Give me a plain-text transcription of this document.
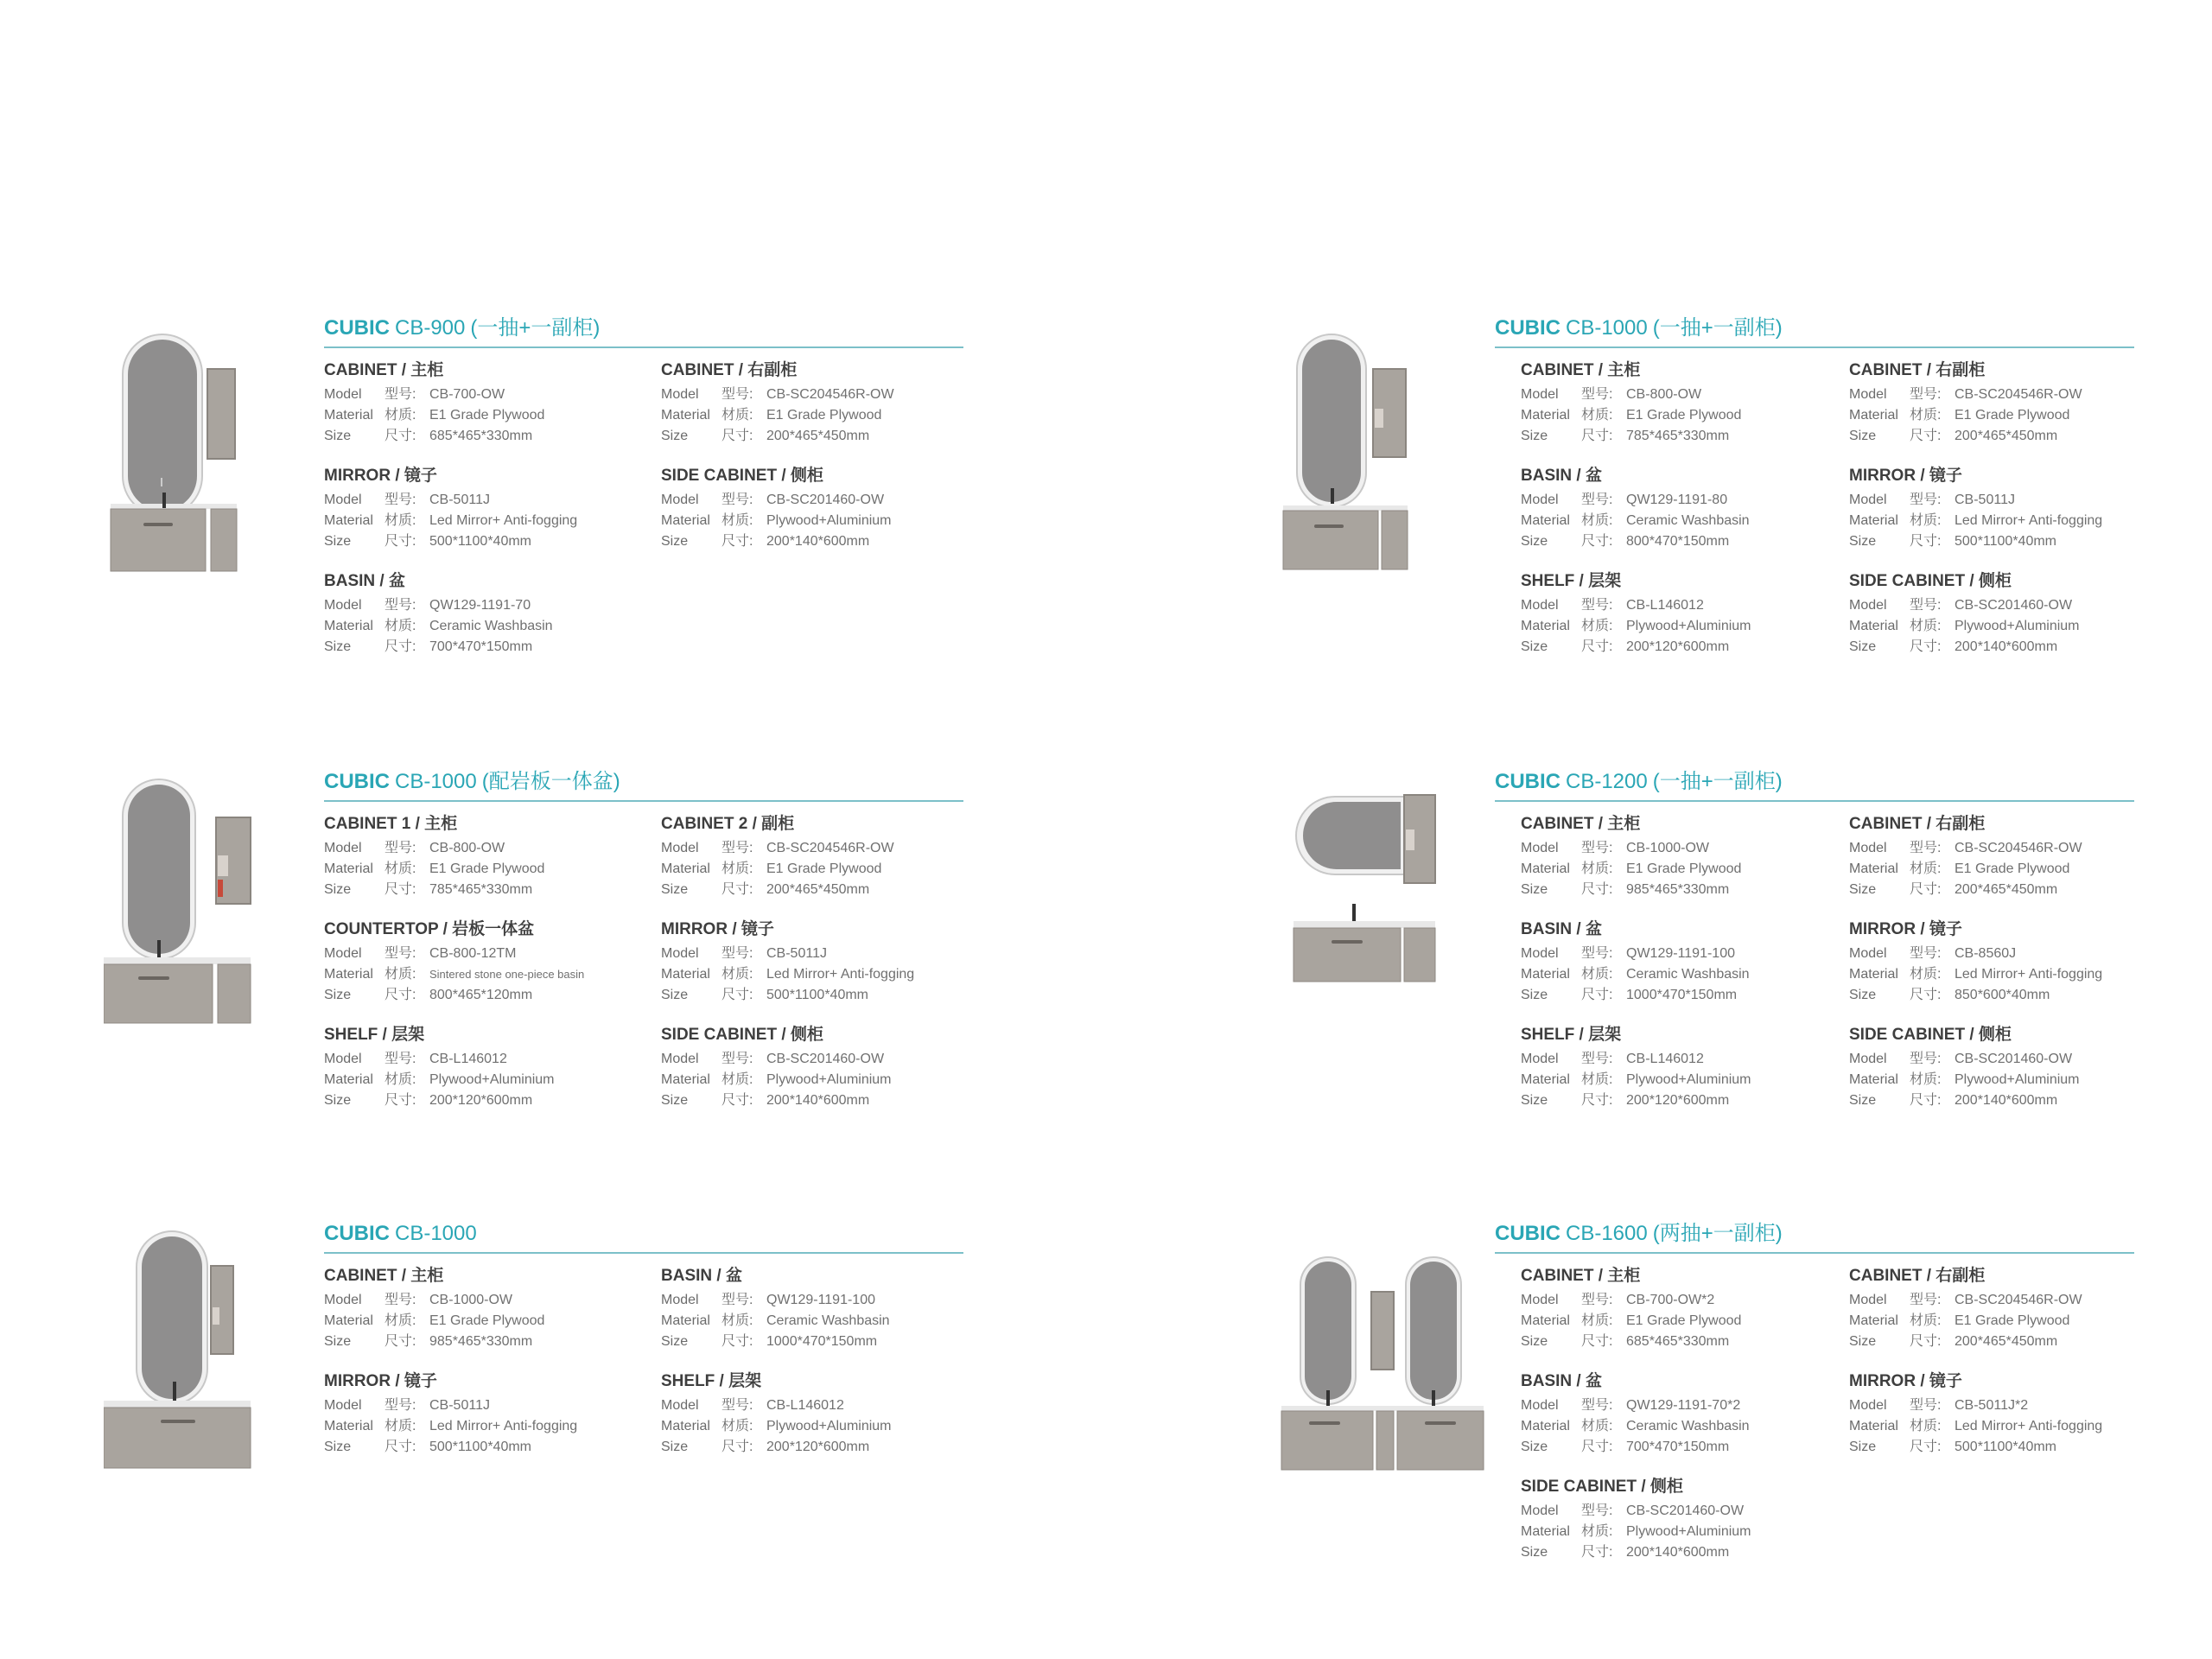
CUBIC CB-900 (一抽+一副柜)
CABINET / 主柜
Model 型号: CB-700-OW
Material 材质: E1 Grade Plywood
Size 尺寸: 685*465*330mm
MIRROR / 镜子
Model 型号: CB-5011J
Material 材质: Led Mirror+ Anti-fogging
Size 尺寸: 500*1100*40mm
BASIN / 盆
Model 型号: QW129-1191-70
Material 材质: Ceramic Washbasin
Size 尺寸: 700*470*150mm
CABINET / 右副柜
Model 型号: CB-SC204546R-OW
Material 材质: E1 Grade Plywood
Size 尺寸: 200*465*450mm
SIDE CABINET / 侧柜
Model 型号: CB-SC201460-OW
Material 材质: Plywood+Aluminium
Size 尺寸: 200*140*600mm
CUBIC CB-1000 (一抽+一副柜)
CABINET / 主柜
Model 型号: CB-800-OW
Material 材质: E1 Grade Plywood
Size 尺寸: 785*465*330mm
BASIN / 盆
Model 型号: QW129-1191-80
Material 材质: Ceramic Washbasin
Size 尺寸: 800*470*150mm
SHELF / 层架
Model 型号: CB-L146012
Material 材质: Plywood+Aluminium
Size 尺寸: 200*120*600mm
CABINET / 右副柜
Model 型号: CB-SC204546R-OW
Material 材质: E1 Grade Plywood
Size 尺寸: 200*465*450mm
MIRROR / 镜子
Model 型号: CB-5011J
Material 材质: Led Mirror+ Anti-fogging
Size 尺寸: 500*1100*40mm
SIDE CABINET / 侧柜
Model 型号: CB-SC201460-OW
Material 材质: Plywood+Aluminium
Size 尺寸: 200*140*600mm
CUBIC CB-1000 (配岩板一体盆)
CABINET 1 / 主柜
Model 型号: CB-800-OW
Material 材质: E1 Grade Plywood
Size 尺寸: 785*465*330mm
COUNTERTOP / 岩板一体盆
Model 型号: CB-800-12TM
Material 材质: Sintered stone one-piece basin
Size 尺寸: 800*465*120mm
SHELF / 层架
Model 型号: CB-L146012
Material 材质: Plywood+Aluminium
Size 尺寸: 200*120*600mm
CABINET 2 / 副柜
Model 型号: CB-SC204546R-OW
Material 材质: E1 Grade Plywood
Size 尺寸: 200*465*450mm
MIRROR / 镜子
Model 型号: CB-5011J
Material 材质: Led Mirror+ Anti-fogging
Size 尺寸: 500*1100*40mm
SIDE CABINET / 侧柜
Model 型号: CB-SC201460-OW
Material 材质: Plywood+Aluminium
Size 尺寸: 200*140*600mm
CUBIC CB-1200 (一抽+一副柜)
CABINET / 主柜
Model 型号: CB-1000-OW
Material 材质: E1 Grade Plywood
Size 尺寸: 985*465*330mm
BASIN / 盆
Model 型号: QW129-1191-100
Material 材质: Ceramic Washbasin
Size 尺寸: 1000*470*150mm
SHELF / 层架
Model 型号: CB-L146012
Material 材质: Plywood+Aluminium
Size 尺寸: 200*120*600mm
CABINET / 右副柜
Model 型号: CB-SC204546R-OW
Material 材质: E1 Grade Plywood
Size 尺寸: 200*465*450mm
MIRROR / 镜子
Model 型号: CB-8560J
Material 材质: Led Mirror+ Anti-fogging
Size 尺寸: 850*600*40mm
SIDE CABINET / 侧柜
Model 型号: CB-SC201460-OW
Material 材质: Plywood+Aluminium
Size 尺寸: 200*140*600mm
CUBIC CB-1000
CABINET / 主柜
Model 型号: CB-1000-OW
Material 材质: E1 Grade Plywood
Size 尺寸: 985*465*330mm
MIRROR / 镜子
Model 型号: CB-5011J
Material 材质: Led Mirror+ Anti-fogging
Size 尺寸: 500*1100*40mm
BASIN / 盆
Model 型号: QW129-1191-100
Material 材质: Ceramic Washbasin
Size 尺寸: 1000*470*150mm
SHELF / 层架
Model 型号: CB-L146012
Material 材质: Plywood+Aluminium
Size 尺寸: 200*120*600mm
CUBIC CB-1600 (两抽+一副柜)
CABINET / 主柜
Model 型号: CB-700-OW*2
Material 材质: E1 Grade Plywood
Size 尺寸: 685*465*330mm
BASIN / 盆
Model 型号: QW129-1191-70*2
Material 材质: Ceramic Washbasin
Size 尺寸: 700*470*150mm
SIDE CABINET / 侧柜
Model 型号: CB-SC201460-OW
Material 材质: Plywood+Aluminium
Size 尺寸: 200*140*600mm
CABINET / 右副柜
Model 型号: CB-SC204546R-OW
Material 材质: E1 Grade Plywood
Size 尺寸: 200*465*450mm
MIRROR / 镜子
Model 型号: CB-5011J*2
Material 材质: Led Mirror+ Anti-fogging
Size 尺寸: 500*1100*40mm
